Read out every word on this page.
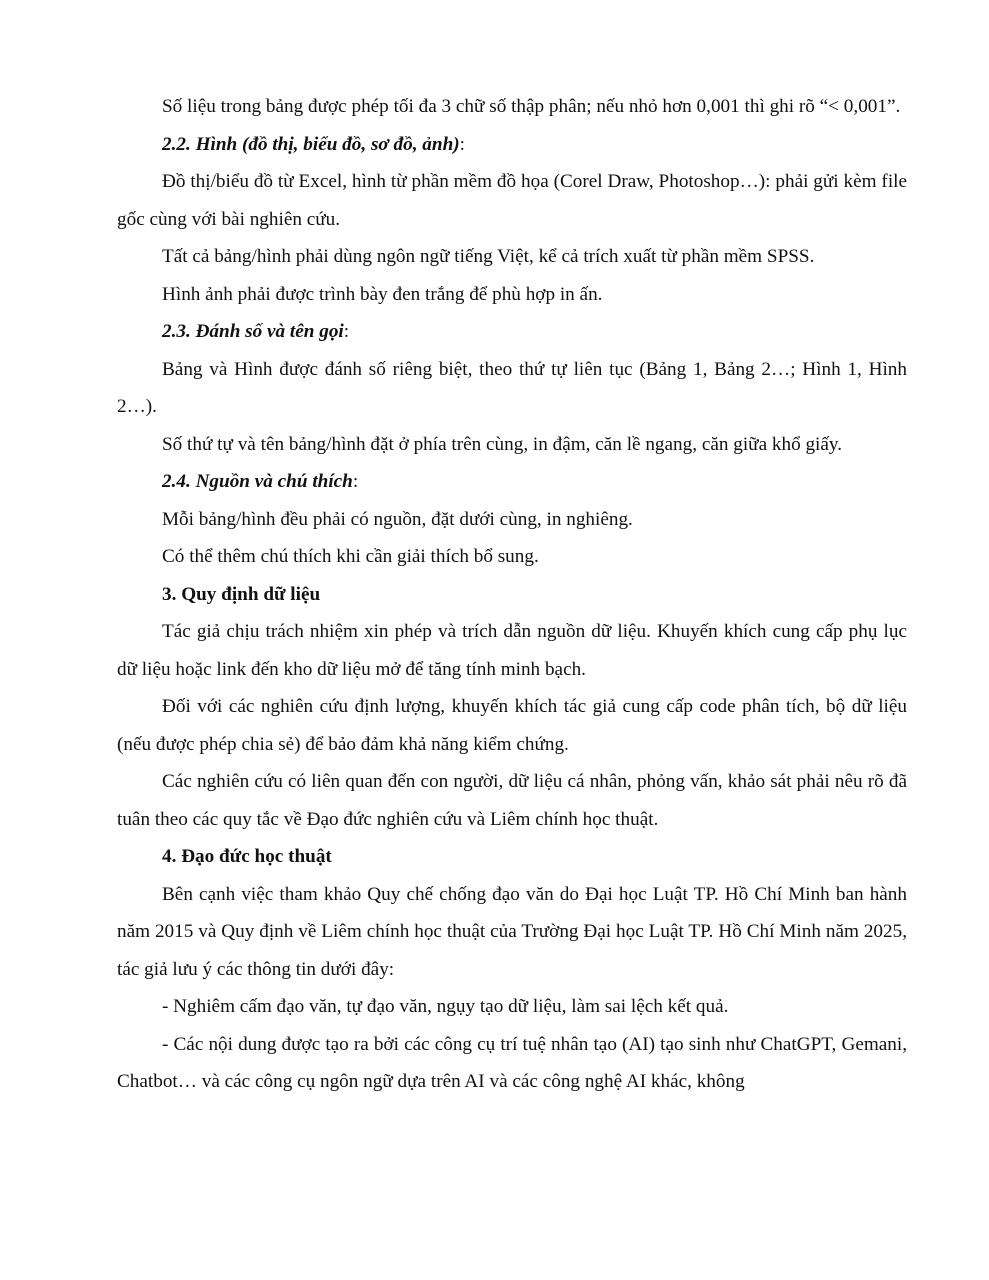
Số liệu trong bảng được phép tối đa 3 chữ số thập phân; nếu nhỏ hơn 0,001 thì ghi rõ “< 0,001”.

2.2. Hình (đồ thị, biểu đồ, sơ đồ, ảnh):

Đồ thị/biểu đồ từ Excel, hình từ phần mềm đồ họa (Corel Draw, Photoshop…): phải gửi kèm file gốc cùng với bài nghiên cứu.

Tất cả bảng/hình phải dùng ngôn ngữ tiếng Việt, kể cả trích xuất từ phần mềm SPSS.

Hình ảnh phải được trình bày đen trắng để phù hợp in ấn.

2.3. Đánh số và tên gọi:

Bảng và Hình được đánh số riêng biệt, theo thứ tự liên tục (Bảng 1, Bảng 2…; Hình 1, Hình 2…).

Số thứ tự và tên bảng/hình đặt ở phía trên cùng, in đậm, căn lề ngang, căn giữa khổ giấy.

2.4. Nguồn và chú thích:

Mỗi bảng/hình đều phải có nguồn, đặt dưới cùng, in nghiêng.

Có thể thêm chú thích khi cần giải thích bổ sung.

3. Quy định dữ liệu

Tác giả chịu trách nhiệm xin phép và trích dẫn nguồn dữ liệu. Khuyến khích cung cấp phụ lục dữ liệu hoặc link đến kho dữ liệu mở để tăng tính minh bạch.

Đối với các nghiên cứu định lượng, khuyến khích tác giả cung cấp code phân tích, bộ dữ liệu (nếu được phép chia sẻ) để bảo đảm khả năng kiểm chứng.

Các nghiên cứu có liên quan đến con người, dữ liệu cá nhân, phỏng vấn, khảo sát phải nêu rõ đã tuân theo các quy tắc về Đạo đức nghiên cứu và Liêm chính học thuật.

4. Đạo đức học thuật

Bên cạnh việc tham khảo Quy chế chống đạo văn do Đại học Luật TP. Hồ Chí Minh ban hành năm 2015 và Quy định về Liêm chính học thuật của Trường Đại học Luật TP. Hồ Chí Minh năm 2025, tác giả lưu ý các thông tin dưới đây:

- Nghiêm cấm đạo văn, tự đạo văn, ngụy tạo dữ liệu, làm sai lệch kết quả.

- Các nội dung được tạo ra bởi các công cụ trí tuệ nhân tạo (AI) tạo sinh như ChatGPT, Gemani, Chatbot… và các công cụ ngôn ngữ dựa trên AI và các công nghệ AI khác, không
